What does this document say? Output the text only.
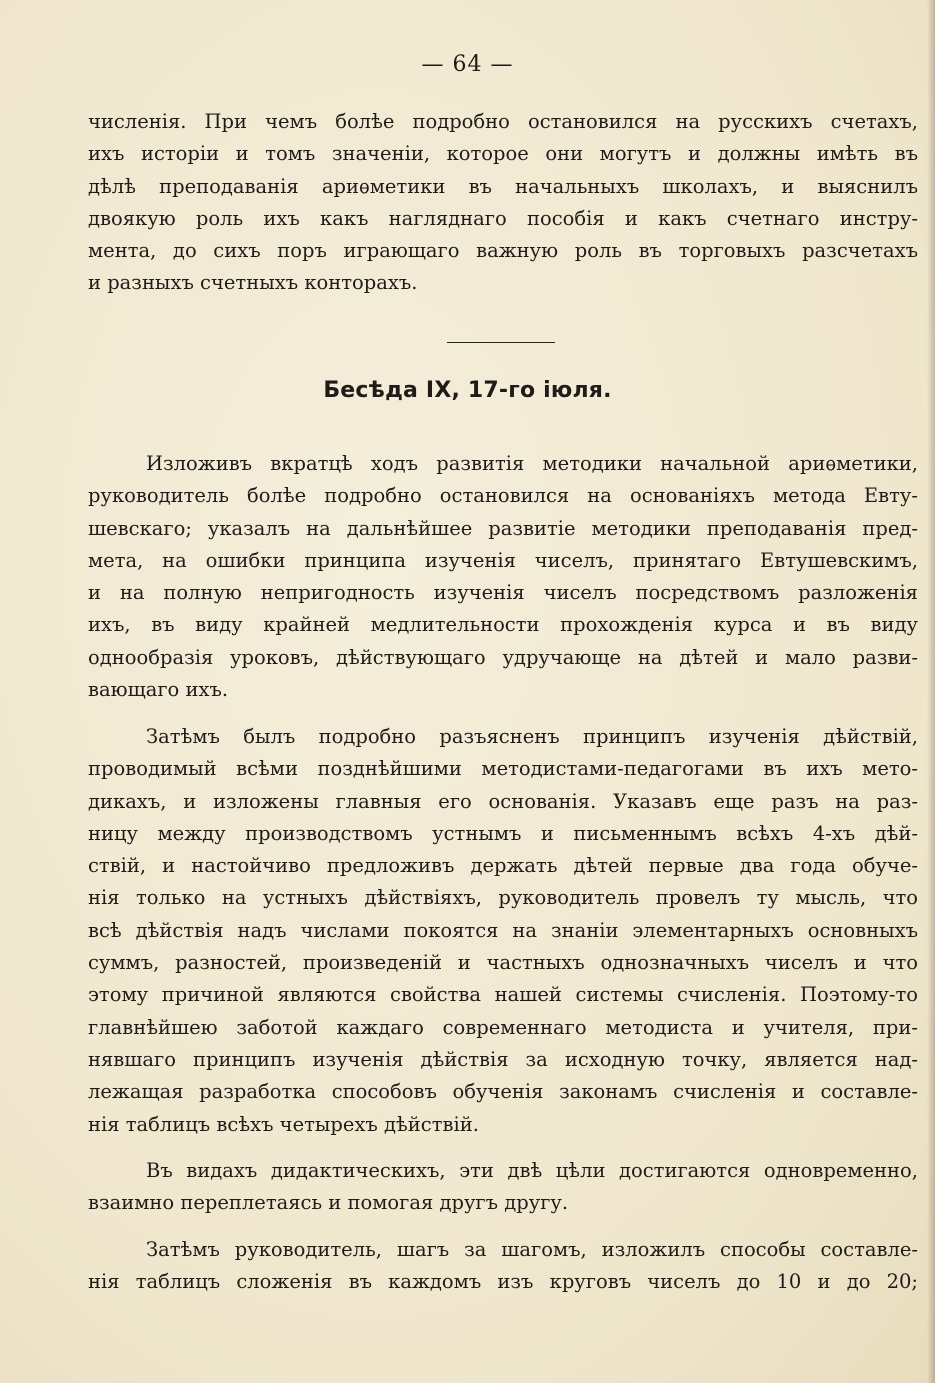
— 64 —
численія. При чемъ болѣе подробно остановился на русскихъ счетахъ,
ихъ исторіи и томъ значеніи, которое они могутъ и должны имѣть въ
дѣлѣ преподаванія ариѳметики въ начальныхъ школахъ, и выяснилъ
двоякую роль ихъ какъ нагляднаго пособія и какъ счетнаго инстру-
мента, до сихъ поръ играющаго важную роль въ торговыхъ разсчетахъ
и разныхъ счетныхъ конторахъ.
Бесѣда IX, 17-го іюля.
Изложивъ вкратцѣ ходъ развитія методики начальной ариѳметики,
руководитель болѣе подробно остановился на основаніяхъ метода Евту-
шевскаго; указалъ на дальнѣйшее развитіе методики преподаванія пред-
мета, на ошибки принципа изученія чиселъ, принятаго Евтушевскимъ,
и на полную непригодность изученія чиселъ посредствомъ разложенія
ихъ, въ виду крайней медлительности прохожденія курса и въ виду
однообразія уроковъ, дѣйствующаго удручающе на дѣтей и мало разви-
вающаго ихъ.
Затѣмъ былъ подробно разъясненъ принципъ изученія дѣйствій,
проводимый всѣми позднѣйшими методистами-педагогами въ ихъ мето-
дикахъ, и изложены главныя его основанія. Указавъ еще разъ на раз-
ницу между производствомъ устнымъ и письменнымъ всѣхъ 4-хъ дѣй-
ствій, и настойчиво предложивъ держать дѣтей первые два года обуче-
нія только на устныхъ дѣйствіяхъ, руководитель провелъ ту мысль, что
всѣ дѣйствія надъ числами покоятся на знаніи элементарныхъ основныхъ
суммъ, разностей, произведеній и частныхъ однозначныхъ чиселъ и что
этому причиной являются свойства нашей системы счисленія. Поэтому-то
главнѣйшею заботой каждаго современнаго методиста и учителя, при-
нявшаго принципъ изученія дѣйствія за исходную точку, является над-
лежащая разработка способовъ обученія законамъ счисленія и составле-
нія таблицъ всѣхъ четырехъ дѣйствій.
Въ видахъ дидактическихъ, эти двѣ цѣли достигаются одновременно,
взаимно переплетаясь и помогая другъ другу.
Затѣмъ руководитель, шагъ за шагомъ, изложилъ способы составле-
нія таблицъ сложенія въ каждомъ изъ круговъ чиселъ до 10 и до 20;
